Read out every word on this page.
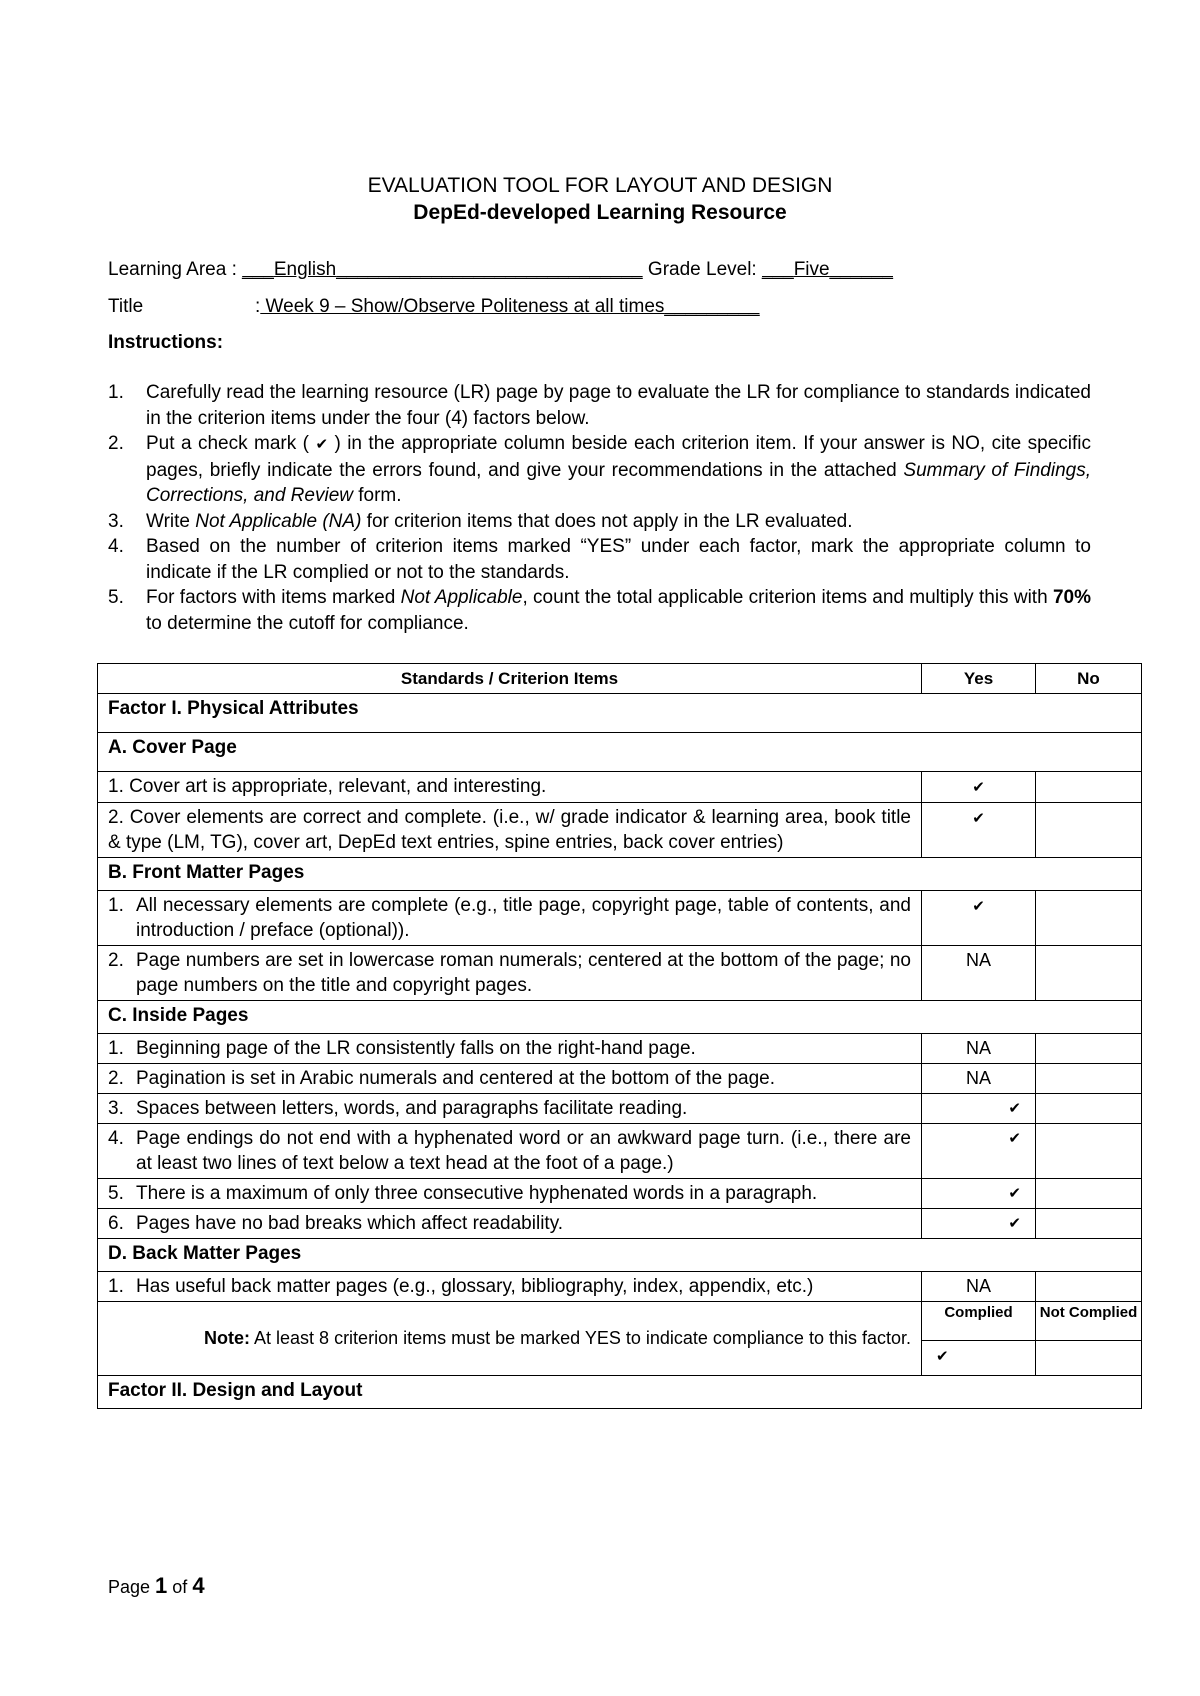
EVALUATION TOOL FOR LAYOUT AND DESIGN
DepEd-developed Learning Resource
Learning Area : ___English_____________________________ Grade Level: ___Five______
Title	: Week 9 – Show/Observe Politeness at all times_________
Instructions:
1. Carefully read the learning resource (LR) page by page to evaluate the LR for compliance to standards indicated in the criterion items under the four (4) factors below.
2. Put a check mark ( ✔ ) in the appropriate column beside each criterion item. If your answer is NO, cite specific pages, briefly indicate the errors found, and give your recommendations in the attached Summary of Findings, Corrections, and Review form.
3. Write Not Applicable (NA) for criterion items that does not apply in the LR evaluated.
4. Based on the number of criterion items marked “YES” under each factor, mark the appropriate column to indicate if the LR complied or not to the standards.
5. For factors with items marked Not Applicable, count the total applicable criterion items and multiply this with 70% to determine the cutoff for compliance.
Standards / Criterion Items	Yes	No
Factor I. Physical Attributes		
A. Cover Page		

1. Cover art is appropriate, relevant, and interesting.	✔	

2. Cover elements are correct and complete. (i.e., w/ grade indicator & learning area, book title & type (LM, TG), cover art, DepEd text entries, spine entries, back cover entries)	✔	
B. Front Matter Pages		

1. All necessary elements are complete (e.g., title page, copyright page, table of contents, and introduction / preface (optional)).	✔	

2. Page numbers are set in lowercase roman numerals; centered at the bottom of the page; no page numbers on the title and copyright pages.	NA	
C. Inside Pages		

1. Beginning page of the LR consistently falls on the right-hand page.	NA	

2. Pagination is set in Arabic numerals and centered at the bottom of the page.	NA	

3. Spaces between letters, words, and paragraphs facilitate reading.	✔	

4. Page endings do not end with a hyphenated word or an awkward page turn. (i.e., there are at least two lines of text below a text head at the foot of a page.)	✔	

5. There is a maximum of only three consecutive hyphenated words in a paragraph.	✔	

6. Pages have no bad breaks which affect readability.	✔	

D. Back Matter Pages		

1. Has useful back matter pages (e.g., glossary, bibliography, index, appendix, etc.)	NA	
Note: At least 8 criterion items must be marked YES to indicate compliance to this factor.	Complied	Not Complied
	✔	
Factor II. Design and Layout		
Page 1 of 4
